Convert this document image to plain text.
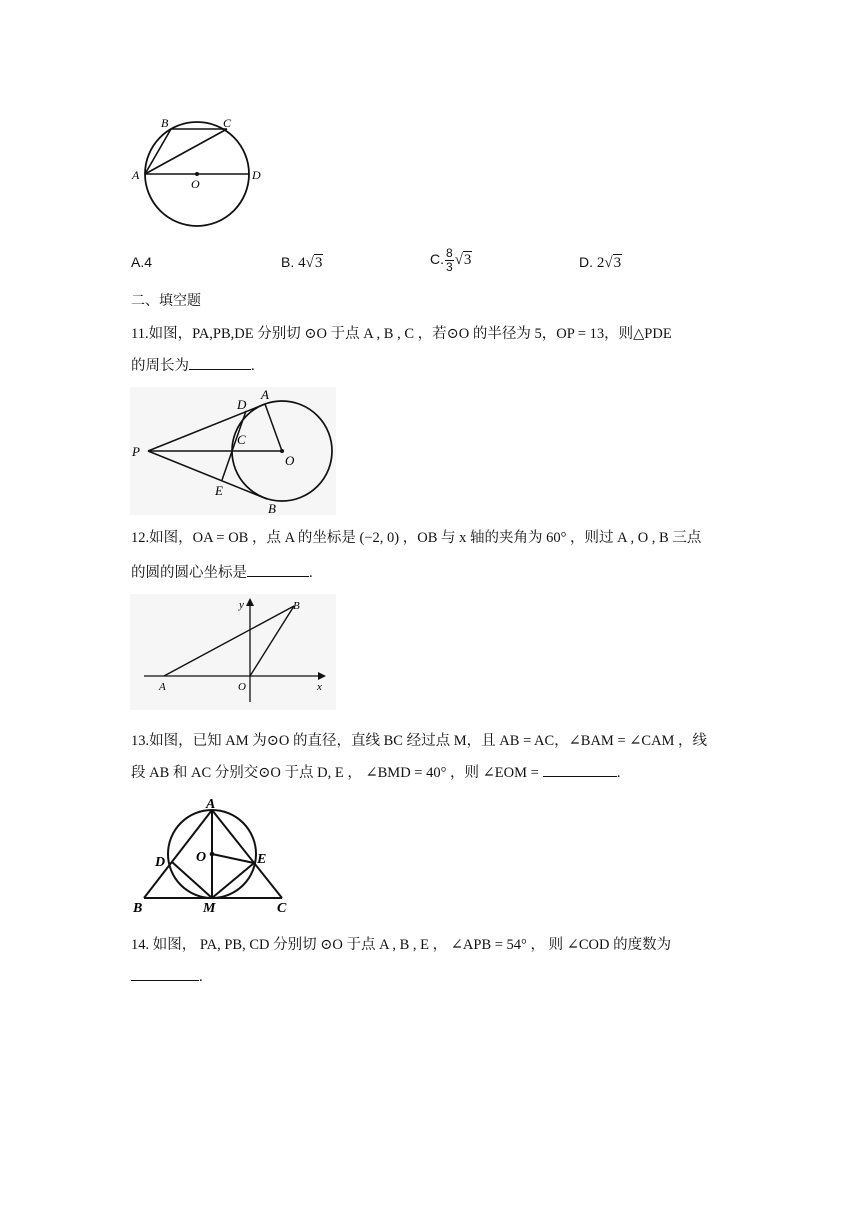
A
B	C
D
O
A.4	B. 4√3	C. $\frac{8}{3} √3$	D. 2√3
二、填空题
11.如图，PA,PB,DE 分别切 ⊙O 于点 A , B , C ，若⊙O 的半径为 5，OP = 13，则△PDE
的周长为	.
P
D
A
C
O
E
B
12.如图，OA = OB ，点 A 的坐标是 (−2, 0) ，OB 与 x 轴的夹角为 60° ，则过 A , O , B 三点
的圆的圆心坐标是	.
y
x
A	O
B
13.如图，已知 AM 为⊙O 的直径，直线 BC 经过点 M，且 AB = AC，∠BAM = ∠CAM ，线
段 AB 和 AC 分别交⊙O 于点 D, E ， ∠BMD = 40° ，则 ∠EOM =	.
A
D O	E
B	M	C
14. 如图， PA, PB, CD 分别切 ⊙O 于点 A , B , E ， ∠APB = 54° ， 则 ∠COD 的度数为
.
